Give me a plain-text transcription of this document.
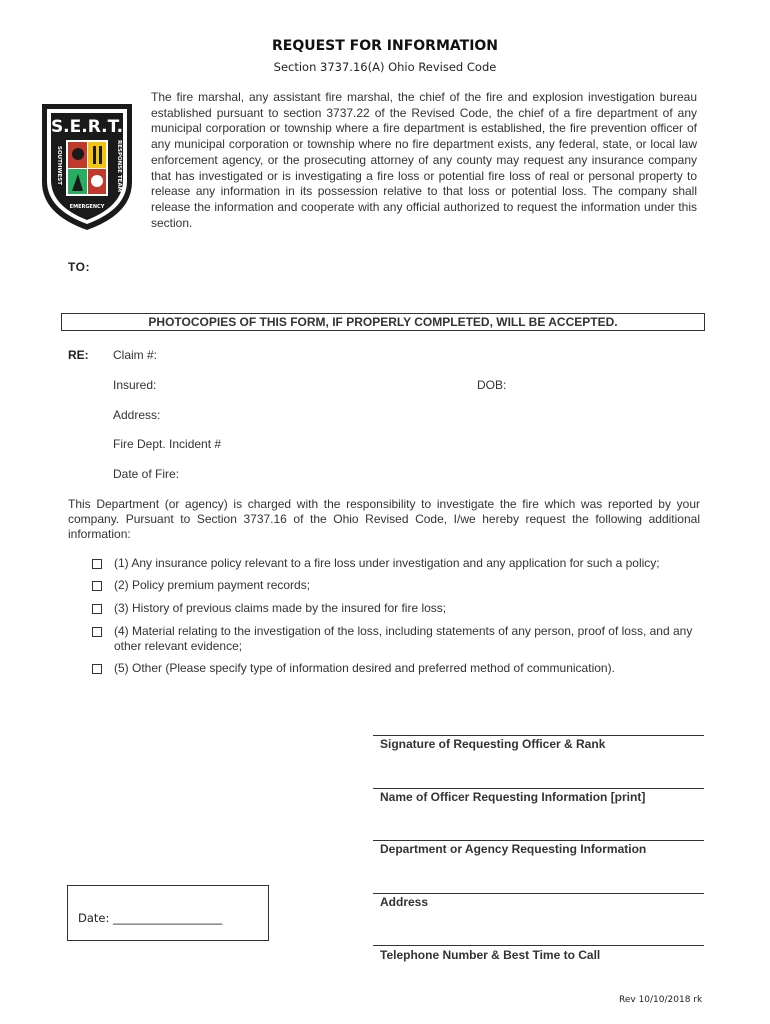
REQUEST FOR INFORMATION
Section 3737.16(A) Ohio Revised Code
S.E.R.T.
SOUTHWEST
EMERGENCY
RESPONSE TEAM
The fire marshal, any assistant fire marshal, the chief of the fire and explosion investigation bureau established pursuant to section 3737.22 of the Revised Code, the chief of a fire department of any municipal corporation or township where a fire department is established, the fire prevention officer of any municipal corporation or township where no fire department exists, any federal, state, or local law enforcement agency, or the prosecuting attorney of any county may request any insurance company that has investigated or is investigating a fire loss or potential fire loss of real or personal property to release any information in its possession relative to that loss or potential loss. The company shall release the information and cooperate with any official authorized to request the information under this section.
TO:
PHOTOCOPIES OF THIS FORM, IF PROPERLY COMPLETED, WILL BE ACCEPTED.
RE: Claim #:
Insured:	DOB:
Address:
Fire Dept. Incident #
Date of Fire:
This Department (or agency) is charged with the responsibility to investigate the fire which was reported by your company. Pursuant to Section 3737.16 of the Ohio Revised Code, I/we hereby request the following additional information:
(1) Any insurance policy relevant to a fire loss under investigation and any application for such a policy;
(2) Policy premium payment records;
(3) History of previous claims made by the insured for fire loss;
(4) Material relating to the investigation of the loss, including statements of any person, proof of loss, and any other relevant evidence;
(5) Other (Please specify type of information desired and preferred method of communication).
Signature of Requesting Officer & Rank
Name of Officer Requesting Information [print]
Department or Agency Requesting Information
Address
Telephone Number & Best Time to Call
Date: ___________________
Rev 10/10/2018 rk
